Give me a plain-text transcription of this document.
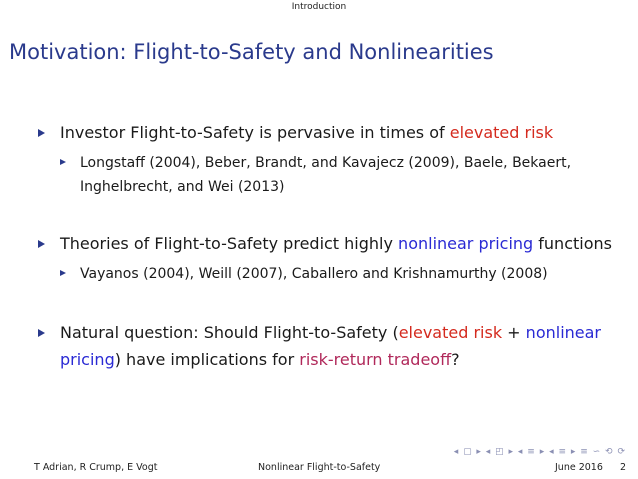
Introduction
Motivation: Flight-to-Safety and Nonlinearities
Investor Flight-to-Safety is pervasive in times of elevated risk
Longstaff (2004), Beber, Brandt, and Kavajecz (2009), Baele, Bekaert,
Inghelbrecht, and Wei (2013)
Theories of Flight-to-Safety predict highly nonlinear pricing functions
Vayanos (2004), Weill (2007), Caballero and Krishnamurthy (2008)
Natural question: Should Flight-to-Safety (elevated risk + nonlinear
pricing) have implications for risk-return tradeoff?
◂ ▢ ▸ ◂ ◰ ▸ ◂ ≡ ▸ ◂ ≡ ▸ ≡ ∽ ⟲ ⟳
T Adrian, R Crump, E Vogt	Nonlinear Flight-to-Safety	June 2016 2
